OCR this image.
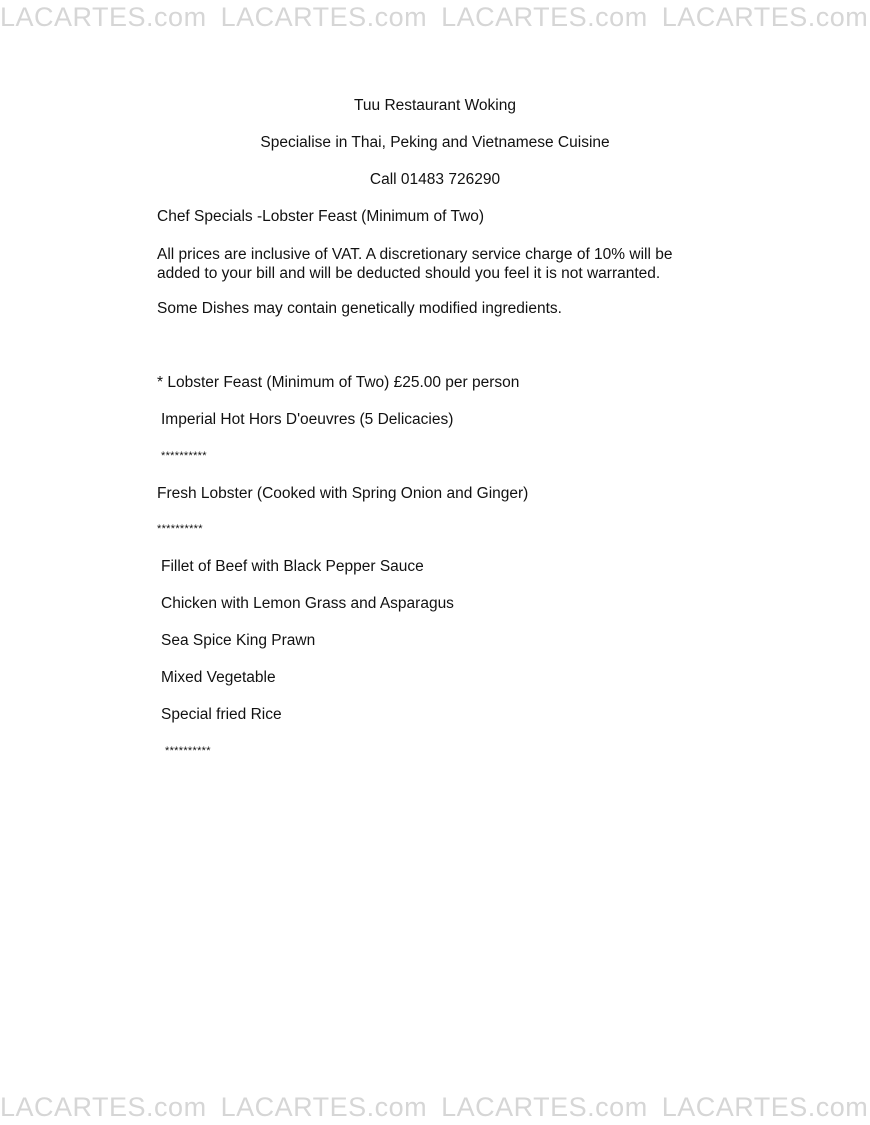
LACARTES.com LACARTES.com LACARTES.com LACARTES.com
Tuu Restaurant Woking
Specialise in Thai, Peking and Vietnamese Cuisine
Call 01483 726290
Chef Specials -Lobster Feast (Minimum of Two)
All prices are inclusive of VAT. A discretionary service charge of 10% will be
added to your bill and will be deducted should you feel it is not warranted.
Some Dishes may contain genetically modified ingredients.
* Lobster Feast (Minimum of Two) £25.00 per person
Imperial Hot Hors D'oeuvres (5 Delicacies)
**********
Fresh Lobster (Cooked with Spring Onion and Ginger)
**********
Fillet of Beef with Black Pepper Sauce
Chicken with Lemon Grass and Asparagus
Sea Spice King Prawn
Mixed Vegetable
Special fried Rice
**********
LACARTES.com LACARTES.com LACARTES.com LACARTES.com
